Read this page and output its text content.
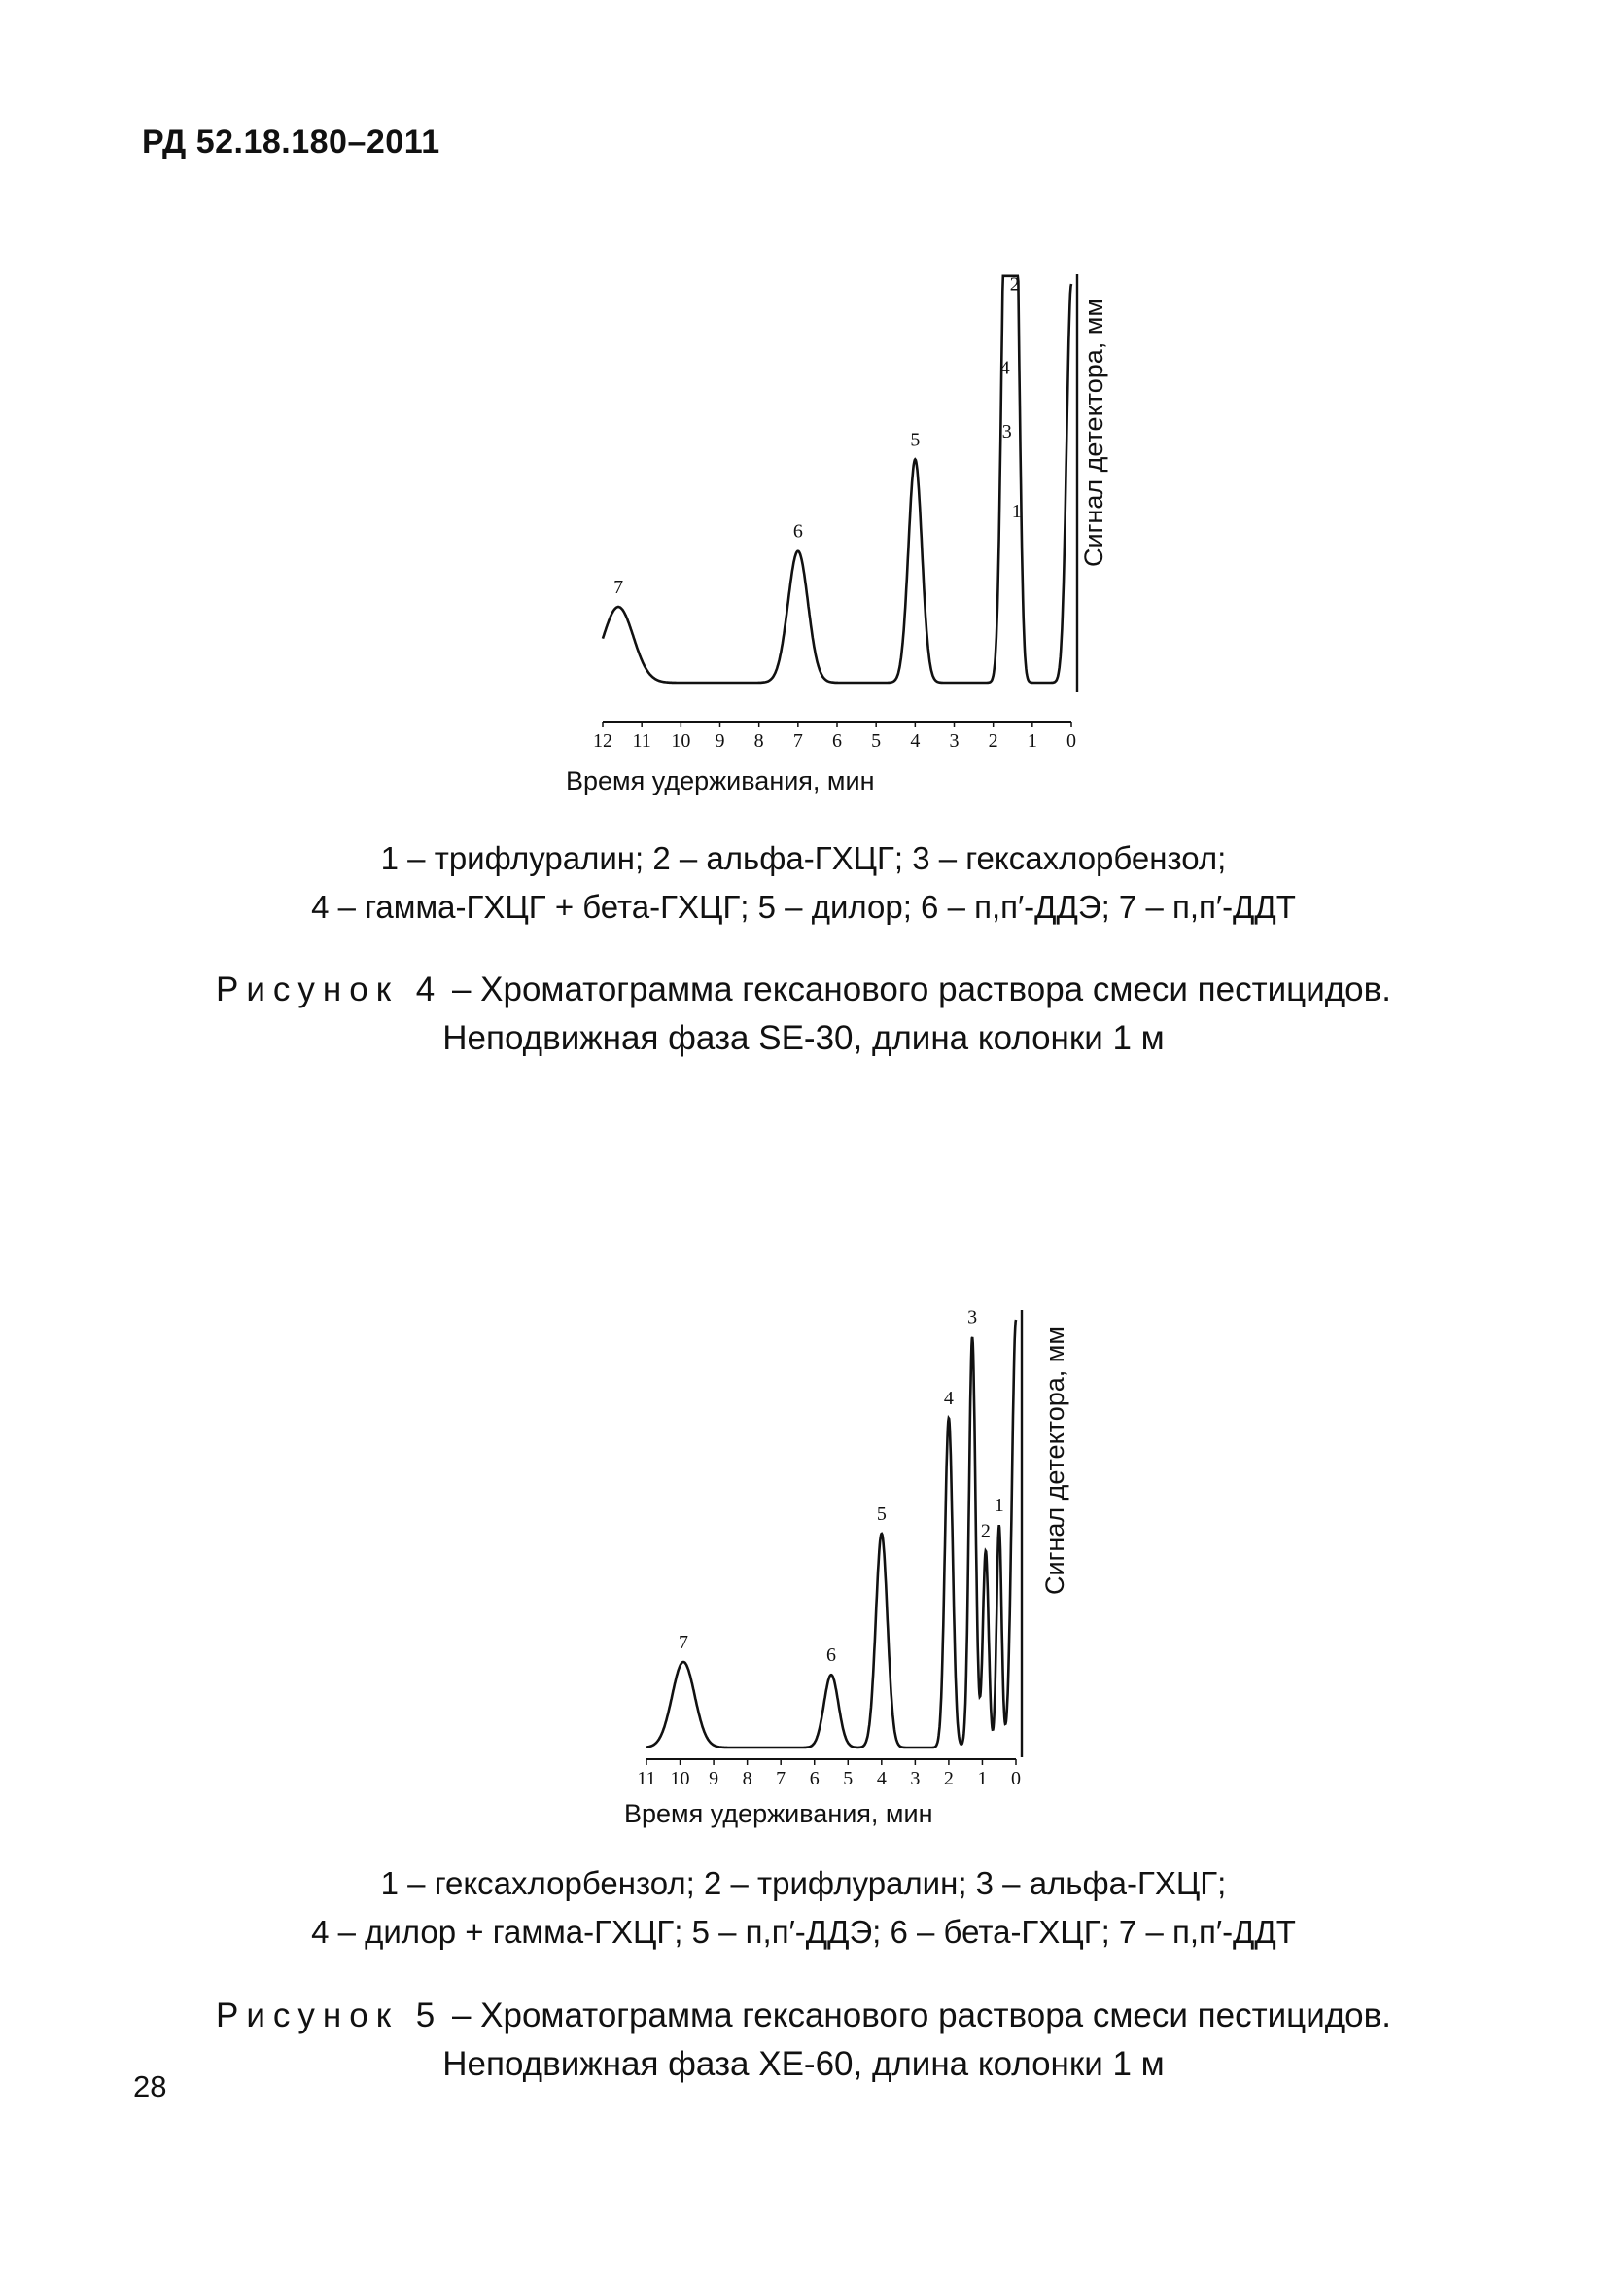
РД 52.18.180–2011
12 11 10 9 8 7 6 5 4 3 2 1 0
7
6
5
4
3
2
1
Время удерживания, мин
Сигнал детектора, мм
1 – трифлуралин; 2 – альфа-ГХЦГ; 3 – гексахлорбензол;
4 – гамма-ГХЦГ + бета-ГХЦГ; 5 – дилор; 6 – п,п′-ДДЭ; 7 – п,п′-ДДТ
Рисунок 4 – Хроматограмма гексанового раствора смеси пестицидов.
Неподвижная фаза SE-30, длина колонки 1 м
11 10 9 8 7 6 5 4 3 2 1 0
7
6
5
4
3
2
1
Время удерживания, мин
Сигнал детектора, мм
1 – гексахлорбензол; 2 – трифлуралин; 3 – альфа-ГХЦГ;
4 – дилор + гамма-ГХЦГ; 5 – п,п′-ДДЭ; 6 – бета-ГХЦГ; 7 – п,п′-ДДТ
Рисунок 5 – Хроматограмма гексанового раствора смеси пестицидов.
Неподвижная фаза XE-60, длина колонки 1 м
28
